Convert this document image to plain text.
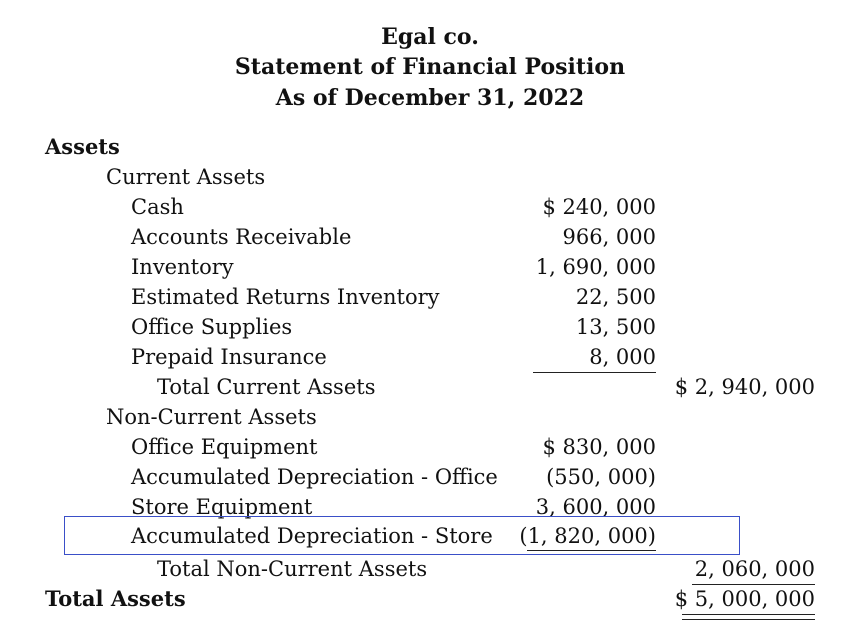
Egal co.
Statement of Financial Position
As of December 31, 2022
Assets
Current Assets
Cash	$ 240, 000
Accounts Receivable	966, 000
Inventory	1, 690, 000
Estimated Returns Inventory	22, 500
Office Supplies	13, 500
Prepaid Insurance	8, 000
Total Current Assets	$ 2, 940, 000
Non-Current Assets
Office Equipment	$ 830, 000
Accumulated Depreciation - Office (550, 000)
Store Equipment	3, 600, 000
Accumulated Depreciation - Store (1, 820, 000)
Total Non-Current Assets	2, 060, 000
Total Assets	$ 5, 000, 000
